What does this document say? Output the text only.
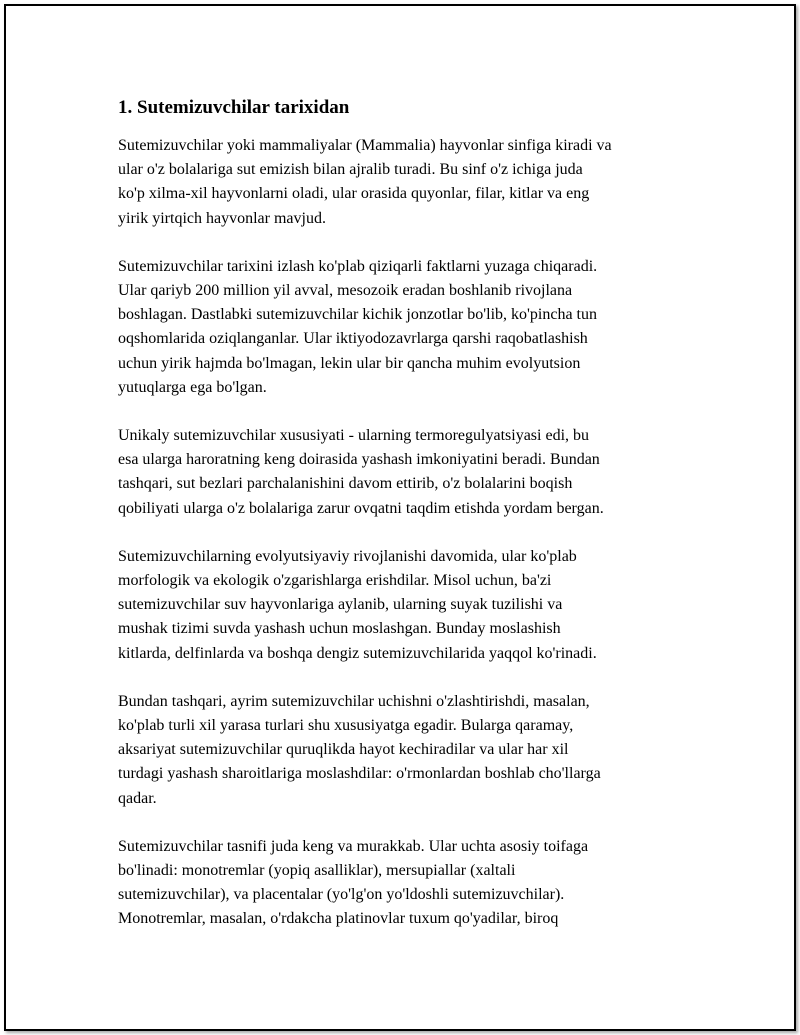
1. Sutemizuvchilar tarixidan
Sutemizuvchilar yoki mammaliyalar (Mammalia) hayvonlar sinfiga kiradi va
ular o'z bolalariga sut emizish bilan ajralib turadi. Bu sinf o'z ichiga juda
ko'p xilma-xil hayvonlarni oladi, ular orasida quyonlar, filar, kitlar va eng
yirik yirtqich hayvonlar mavjud.
Sutemizuvchilar tarixini izlash ko'plab qiziqarli faktlarni yuzaga chiqaradi.
Ular qariyb 200 million yil avval, mesozoik eradan boshlanib rivojlana
boshlagan. Dastlabki sutemizuvchilar kichik jonzotlar bo'lib, ko'pincha tun
oqshomlarida oziqlanganlar. Ular iktiyodozavrlarga qarshi raqobatlashish
uchun yirik hajmda bo'lmagan, lekin ular bir qancha muhim evolyutsion
yutuqlarga ega bo'lgan.
Unikaly sutemizuvchilar xususiyati - ularning termoregulyatsiyasi edi, bu
esa ularga haroratning keng doirasida yashash imkoniyatini beradi. Bundan
tashqari, sut bezlari parchalanishini davom ettirib, o'z bolalarini boqish
qobiliyati ularga o'z bolalariga zarur ovqatni taqdim etishda yordam bergan.
Sutemizuvchilarning evolyutsiyaviy rivojlanishi davomida, ular ko'plab
morfologik va ekologik o'zgarishlarga erishdilar. Misol uchun, ba'zi
sutemizuvchilar suv hayvonlariga aylanib, ularning suyak tuzilishi va
mushak tizimi suvda yashash uchun moslashgan. Bunday moslashish
kitlarda, delfinlarda va boshqa dengiz sutemizuvchilarida yaqqol ko'rinadi.
Bundan tashqari, ayrim sutemizuvchilar uchishni o'zlashtirishdi, masalan,
ko'plab turli xil yarasa turlari shu xususiyatga egadir. Bularga qaramay,
aksariyat sutemizuvchilar quruqlikda hayot kechiradilar va ular har xil
turdagi yashash sharoitlariga moslashdilar: o'rmonlardan boshlab cho'llarga
qadar.
Sutemizuvchilar tasnifi juda keng va murakkab. Ular uchta asosiy toifaga
bo'linadi: monotremlar (yopiq asalliklar), mersupiallar (xaltali
sutemizuvchilar), va placentalar (yo'lg'on yo'ldoshli sutemizuvchilar).
Monotremlar, masalan, o'rdakcha platinovlar tuxum qo'yadilar, biroq
